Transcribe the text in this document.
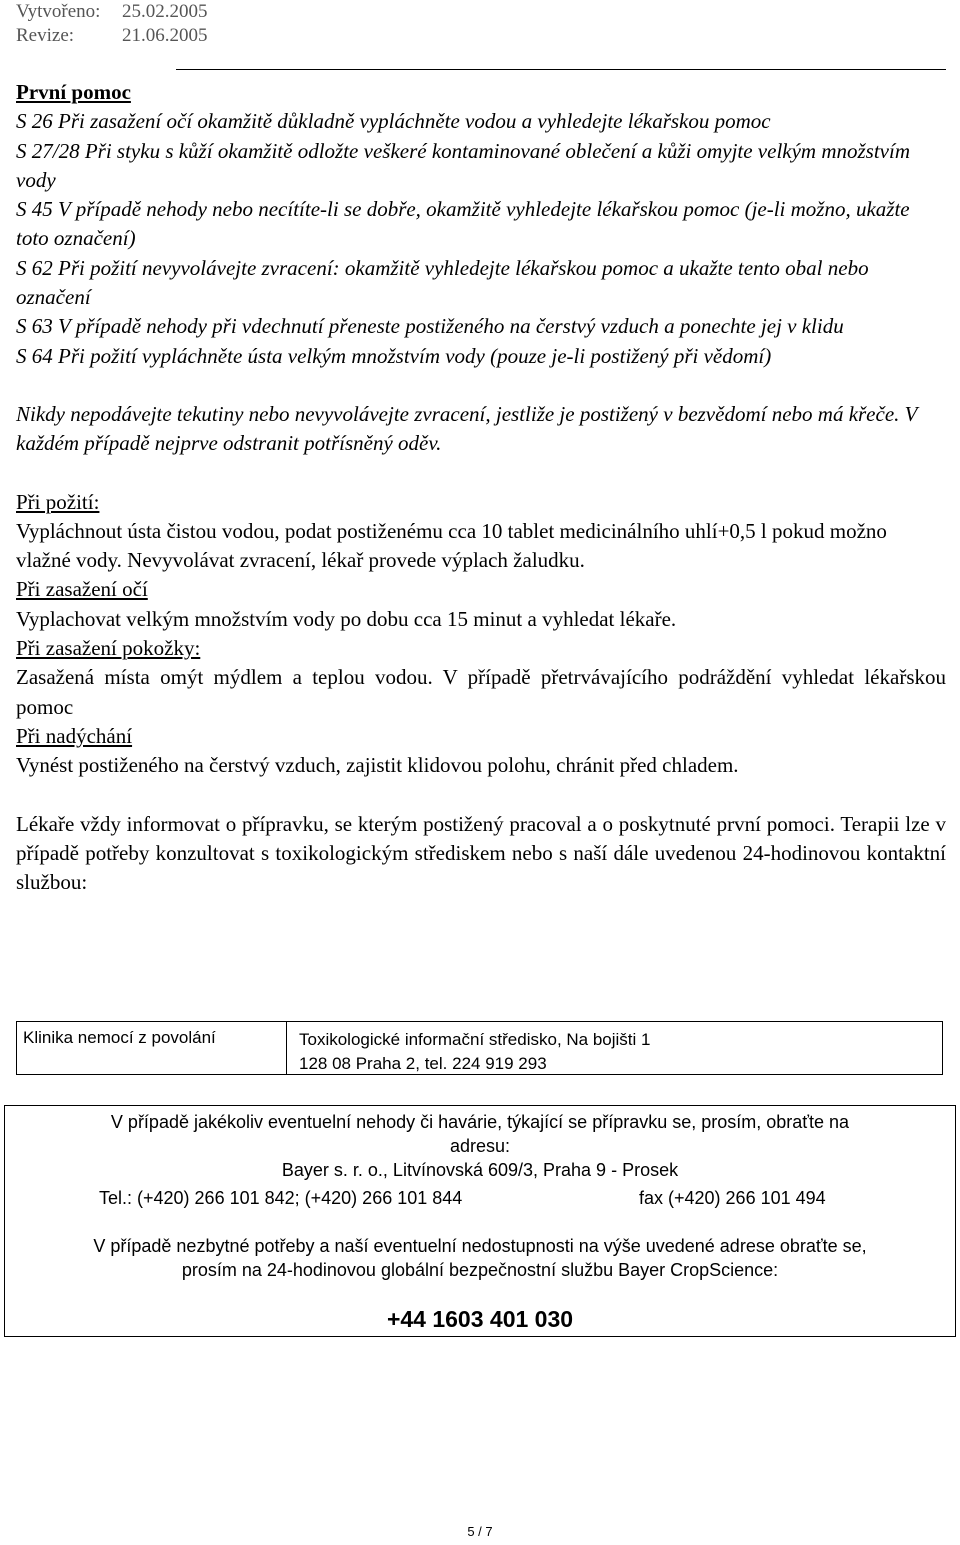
Vytvořeno:	25.02.2005
Revize:	21.06.2005
První pomoc

S 26 Při zasažení očí okamžitě důkladně vypláchněte vodou a vyhledejte lékařskou pomoc

S 27/28 Při styku s kůží okamžitě odložte veškeré kontaminované oblečení a kůži omyjte velkým množstvím vody

S 45 V případě nehody nebo necítíte-li se dobře, okamžitě vyhledejte lékařskou pomoc (je-li možno, ukažte toto označení)

S 62 Při požití nevyvolávejte zvracení: okamžitě vyhledejte lékařskou pomoc a ukažte tento obal nebo označení

S 63 V případě nehody při vdechnutí přeneste postiženého na čerstvý vzduch a ponechte jej v klidu

S 64 Při požití vypláchněte ústa velkým množstvím vody (pouze je-li postižený při vědomí)

Nikdy nepodávejte tekutiny nebo nevyvolávejte zvracení, jestliže je postižený v bezvědomí nebo má křeče. V každém případě nejprve odstranit potřísněný oděv.

Při požití:

Vypláchnout ústa čistou vodou, podat postiženému cca 10 tablet medicinálního uhlí+0,5 l pokud možno vlažné vody. Nevyvolávat zvracení, lékař provede výplach žaludku.

Při zasažení očí

Vyplachovat velkým množstvím vody po dobu cca 15 minut a vyhledat lékaře.

Při zasažení pokožky:

Zasažená místa omýt mýdlem a teplou vodou. V případě přetrvávajícího podráždění vyhledat lékařskou pomoc

Při nadýchání

Vynést postiženého na čerstvý vzduch, zajistit klidovou polohu, chránit před chladem.

Lékaře vždy informovat o přípravku, se kterým postižený pracoval a o poskytnuté první pomoci. Terapii lze v případě potřeby konzultovat s toxikologickým střediskem nebo s naší dále uvedenou 24-hodinovou kontaktní službou:

Klinika nemocí z povolání	Toxikologické informační středisko, Na bojišti 1
128 08 Praha 2, tel. 224 919 293
V případě jakékoliv eventuelní nehody či havárie, týkající se přípravku se, prosím, obraťte na
adresu:
Bayer s. r. o., Litvínovská 609/3, Praha 9 - Prosek
Tel.: (+420) 266 101 842; (+420) 266 101 844	fax (+420) 266 101 494
V případě nezbytné potřeby a naší eventuelní nedostupnosti na výše uvedené adrese obraťte se,
prosím na 24-hodinovou globální bezpečnostní službu Bayer CropScience:
+44 1603 401 030
5 / 7
